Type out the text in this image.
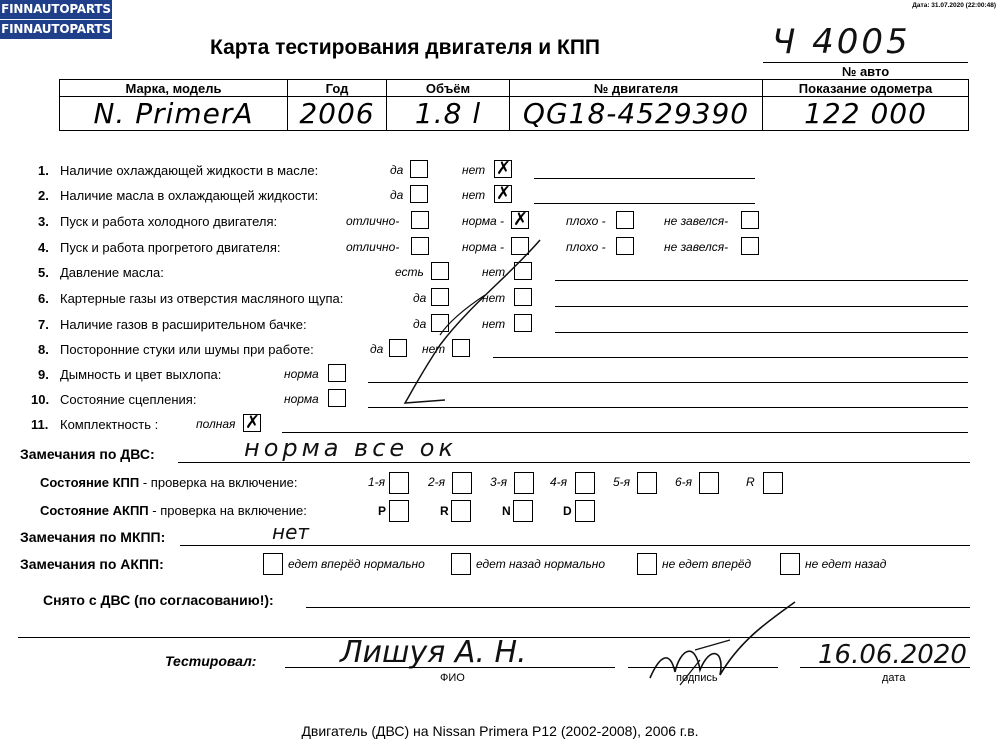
FINNAUTOPARTS
FINNAUTOPARTS
Дата: 31.07.2020 (22:00:48)
Карта тестирования двигателя и КПП	Ч 4005
№ авто
Марка, модель	Год	Объём	№ двигателя	Показание одометра
N. PrimerA	2006	1.8 l	QG18-4529390	122 000
1. Наличие охлаждающей жидкости в масле:	да	нет ✗
2. Наличие масла в охлаждающей жидкости:	да	нет ✗
3. Пуск и работа холодного двигателя:	отлично-	норма - ✗	плохо -	не завелся-
4. Пуск и работа прогретого двигателя:	отлично-	норма -	плохо -	не завелся-
5. Давление масла:	есть	нет
6. Картерные газы из отверстия масляного щупа:	да	нет
7. Наличие газов в расширительном бачке:	да	нет
8. Посторонние стуки или шумы при работе:	да	нет
9. Дымность и цвет выхлопа:	норма
10. Состояние сцепления:	норма
11. Комплектность :	полная ✗
Замечания по ДВС:	норма все ок
Состояние КПП - проверка на включение:	1-я	2-я	3-я	4-я	5-я	6-я	R
Состояние АКПП - проверка на включение:	P	R	N	D
Замечания по МКПП:	нет
Замечания по АКПП:	едет вперёд нормально	едет назад нормально	не едет вперёд	не едет назад
Снято с ДВС (по согласованию!):
Тестировал:	Лишуя А. Н.
ФИО	подпись
16.06.2020
дата
Двигатель (ДВС) на Nissan Primera P12 (2002-2008), 2006 г.в.
